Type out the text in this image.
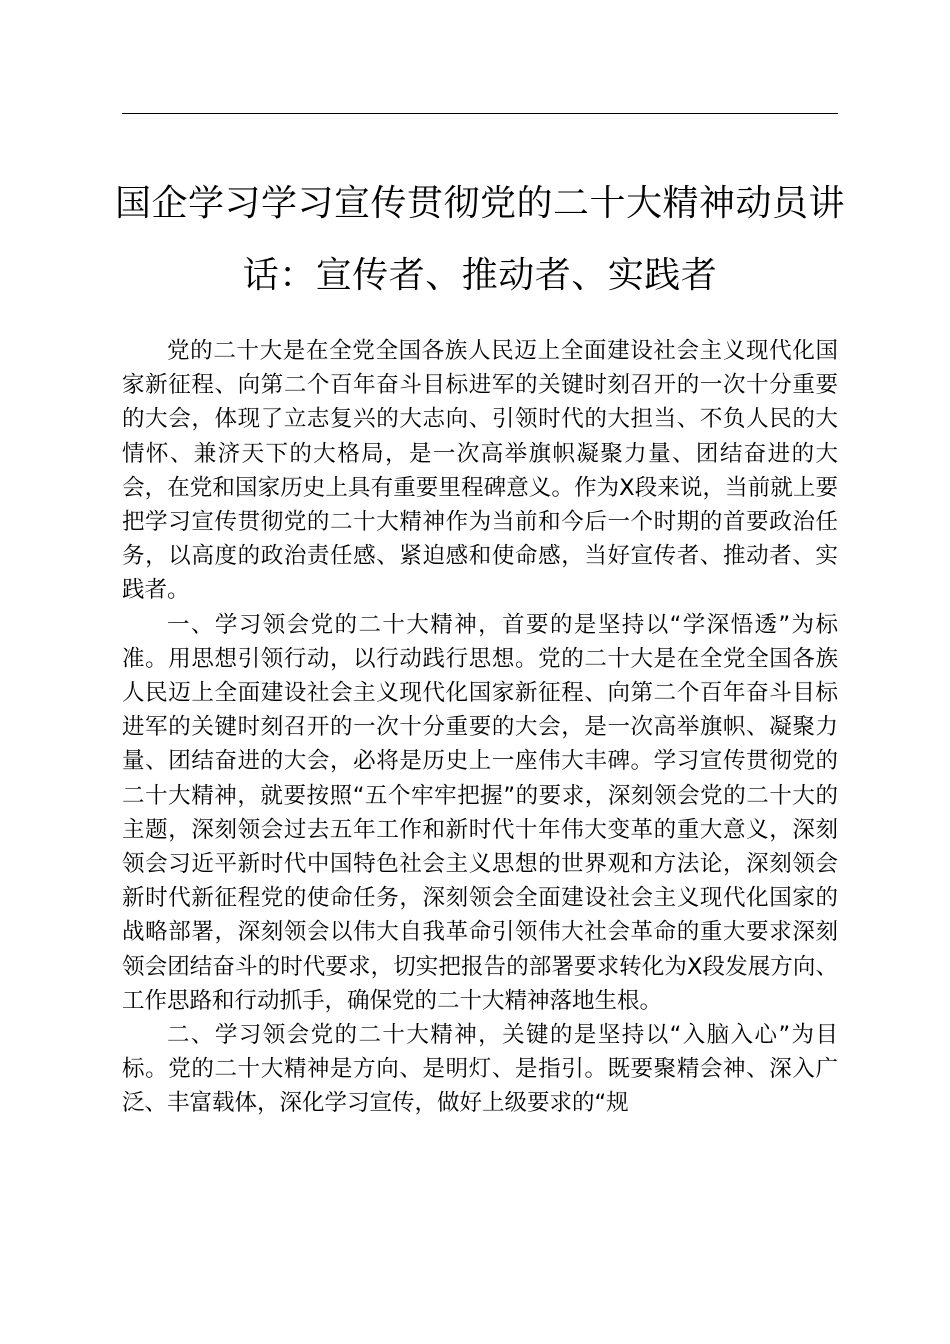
国企学习学习宣传贯彻党的二十大精神动员讲
话：宣传者、推动者、实践者

党的二十大是在全党全国各族人民迈上全面建设社会主义现代化国家新征程、向第二个百年奋斗目标进军的关键时刻召开的一次十分重要的大会，体现了立志复兴的大志向、引领时代的大担当、不负人民的大情怀、兼济天下的大格局，是一次高举旗帜凝聚力量、团结奋进的大会，在党和国家历史上具有重要里程碑意义。作为X段来说，当前就上要把学习宣传贯彻党的二十大精神作为当前和今后一个时期的首要政治任务，以高度的政治责任感、紧迫感和使命感，当好宣传者、推动者、实践者。

一、学习领会党的二十大精神，首要的是坚持以“学深悟透”为标准。用思想引领行动，以行动践行思想。党的二十大是在全党全国各族人民迈上全面建设社会主义现代化国家新征程、向第二个百年奋斗目标进军的关键时刻召开的一次十分重要的大会，是一次高举旗帜、凝聚力量、团结奋进的大会，必将是历史上一座伟大丰碑。学习宣传贯彻党的二十大精神，就要按照“五个牢牢把握”的要求，深刻领会党的二十大的主题，深刻领会过去五年工作和新时代十年伟大变革的重大意义，深刻领会习近平新时代中国特色社会主义思想的世界观和方法论，深刻领会新时代新征程党的使命任务，深刻领会全面建设社会主义现代化国家的战略部署，深刻领会以伟大自我革命引领伟大社会革命的重大要求深刻领会团结奋斗的时代要求，切实把报告的部署要求转化为X段发展方向、工作思路和行动抓手，确保党的二十大精神落地生根。

二、学习领会党的二十大精神，关键的是坚持以“入脑入心”为目标。党的二十大精神是方向、是明灯、是指引。既要聚精会神、深入广泛、丰富载体，深化学习宣传，做好上级要求的“规
